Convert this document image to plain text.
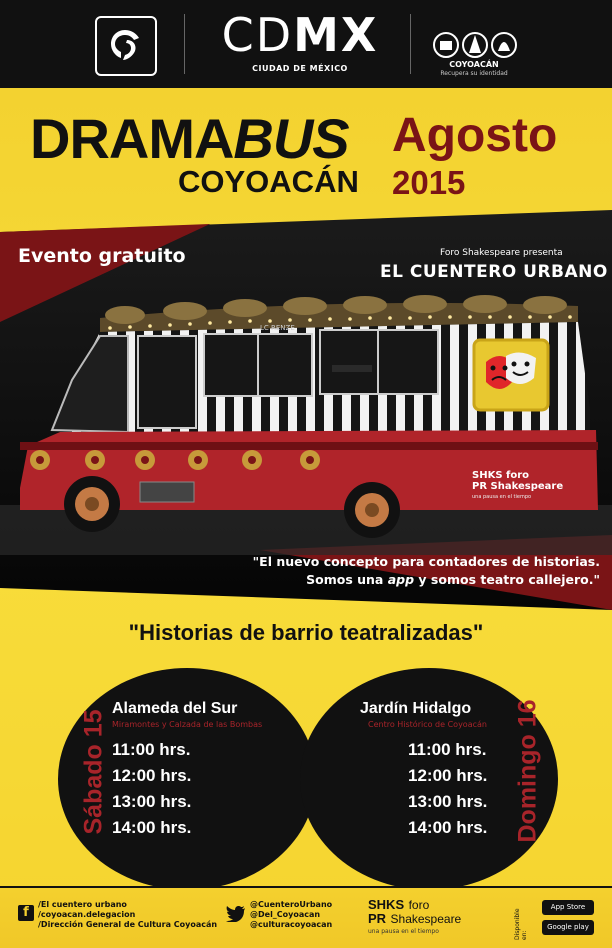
CDMX
CIUDAD DE MÉXICO	COYOACÁN
Recupera su identidad
DRAMABUS Agosto
COYOACÁN 2015
LC RENZE
SHKS foro
PR Shakespeare
una pausa en el tiempo
Evento gratuito	Foro Shakespeare presenta
EL CUENTERO URBANO
"El nuevo concepto para contadores de historias.
Somos una app y somos teatro callejero."
"Historias de barrio teatralizadas"
Alameda del Sur
Miramontes y Calzada de las Bombas
11:00 hrs.
12:00 hrs.
13:00 hrs.
14:00 hrs.
Sábado 15
Jardín Hidalgo
Centro Histórico de Coyoacán
11:00 hrs.
12:00 hrs.
13:00 hrs.
14:00 hrs. Domingo 16
f
/El cuentero urbano
/coyoacan.delegacion
/Dirección General de Cultura Coyoacán
@CuenteroUrbano
@Del_Coyoacan
@culturacoyoacan
SHKS foro
PR Shakespeare
una pausa en el tiempo	Disponible en:
App Store
Google play
